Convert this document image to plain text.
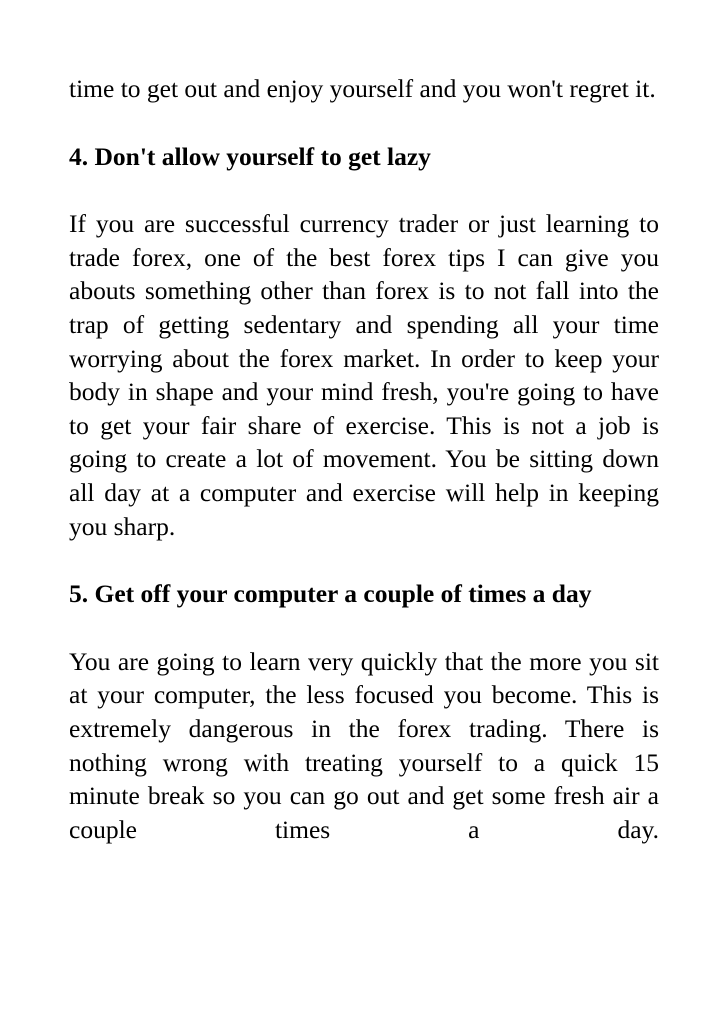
time to get out and enjoy yourself and you won't regret it.

4. Don't allow yourself to get lazy

If you are successful currency trader or just learning to trade forex, one of the best forex tips I can give you abouts something other than forex is to not fall into the trap of getting sedentary and spending all your time worrying about the forex market. In order to keep your body in shape and your mind fresh, you're going to have to get your fair share of exercise. This is not a job is going to create a lot of movement. You be sitting down all day at a computer and exercise will help in keeping you sharp.

5. Get off your computer a couple of times a day

You are going to learn very quickly that the more you sit at your computer, the less focused you become. This is extremely dangerous in the forex trading. There is nothing wrong with treating yourself to a quick 15 minute break so you can go out and get some fresh air a couple times a day.
